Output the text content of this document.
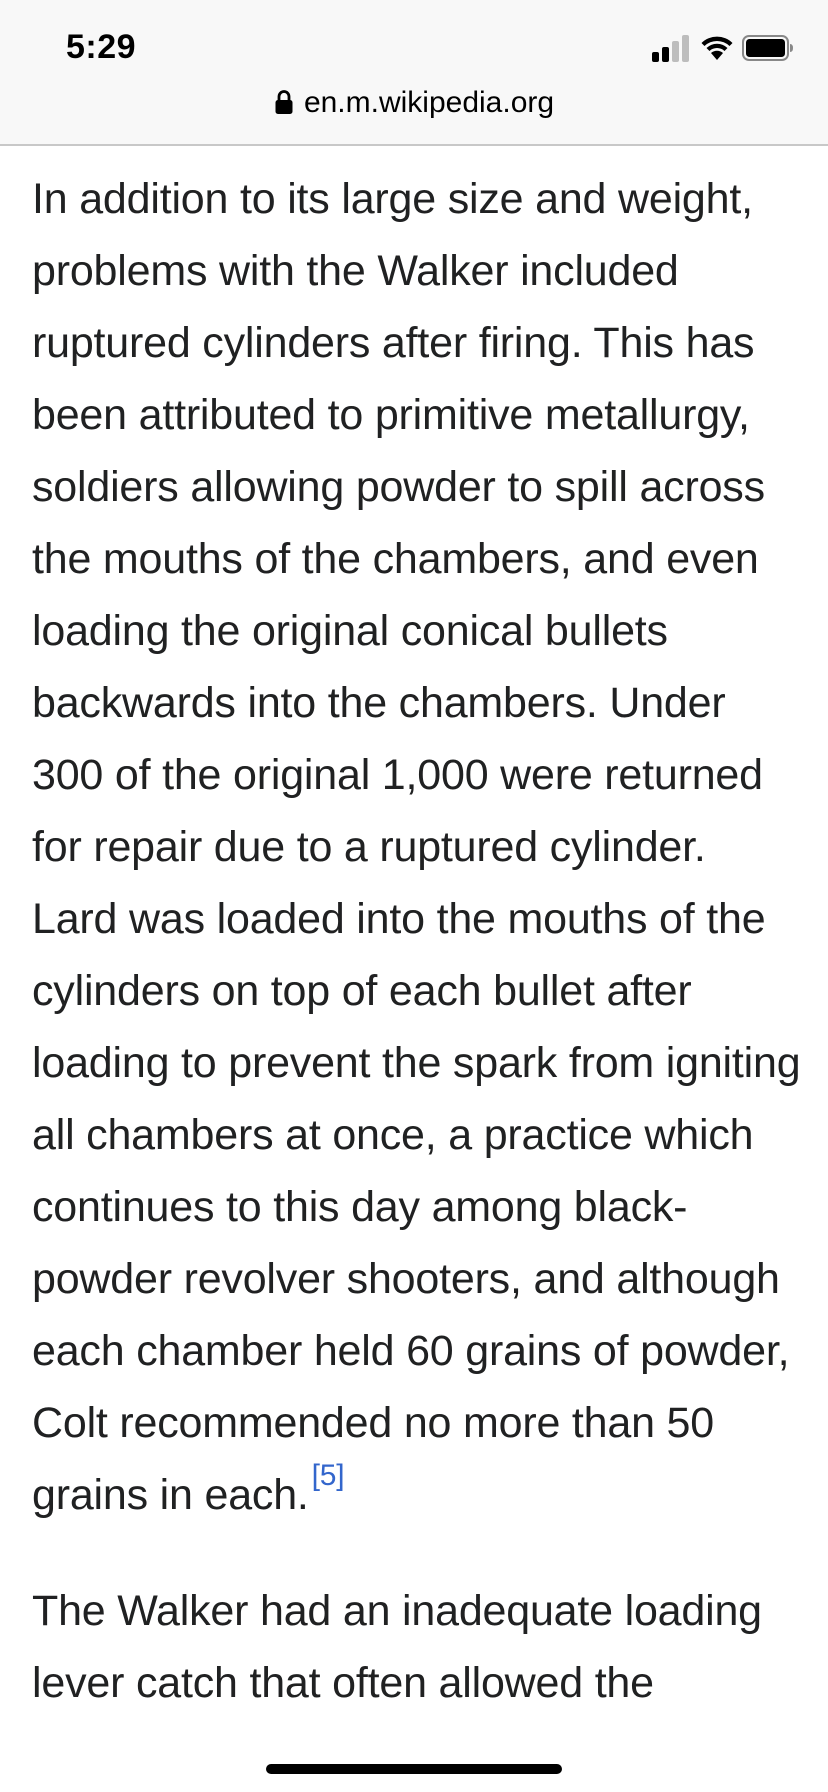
5:29
en.m.wikipedia.org

In addition to its large size and weight, problems with the Walker included ruptured cylinders after firing. This has been attributed to primitive metallurgy, soldiers allowing powder to spill across the mouths of the chambers, and even loading the original conical bullets backwards into the chambers. Under 300 of the original 1,000 were returned for repair due to a ruptured cylinder. Lard was loaded into the mouths of the cylinders on top of each bullet after loading to prevent the spark from igniting all chambers at once, a practice which continues to this day among black-powder revolver shooters, and although each chamber held 60 grains of powder, Colt recommended no more than 50 grains in each. [5]

The Walker had an inadequate loading lever catch that often allowed the
